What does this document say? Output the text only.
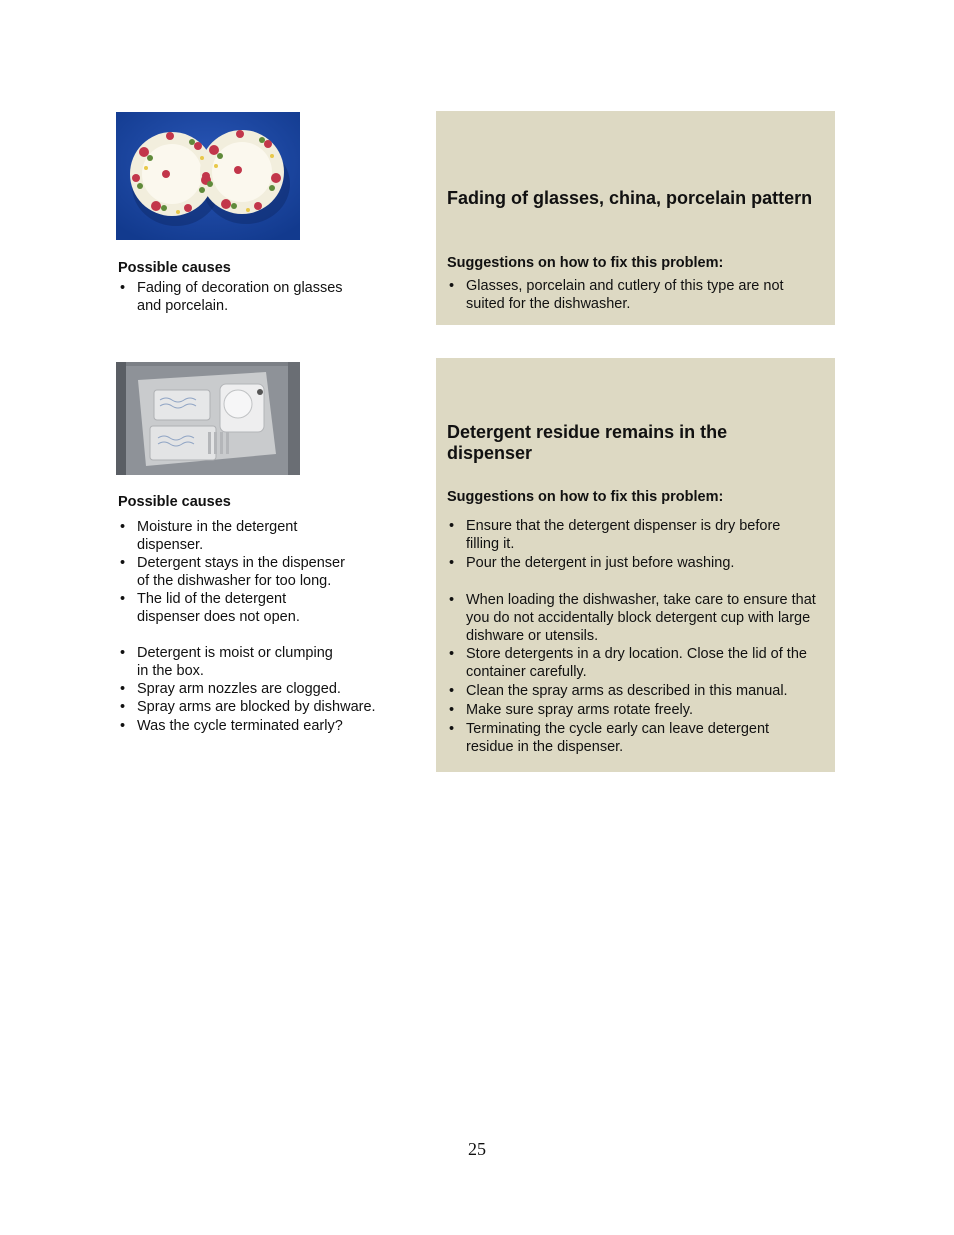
Possible causes
• Fading of decoration on glasses and porcelain.
Fading of glasses, china, porcelain pattern
Suggestions on how to fix this problem:
• Glasses, porcelain and cutlery of this type are not suited for the dishwasher.
Possible causes
• Moisture in the detergent dispenser.
• Detergent stays in the dispenser of the dishwasher for too long.
• The lid of the detergent dispenser does not open.
• Detergent is moist or clumping in the box.
• Spray arm nozzles are clogged.
• Spray arms are blocked by dishware.
• Was the cycle terminated early?
Detergent residue remains in the dispenser
Suggestions on how to fix this problem:
• Ensure that the detergent dispenser is dry before filling it.
• Pour the detergent in just before washing.
• When loading the dishwasher, take care to ensure that you do not accidentally block detergent cup with large dishware or utensils.
• Store detergents in a dry location. Close the lid of the container carefully.
• Clean the spray arms as described in this manual.
• Make sure spray arms rotate freely.
• Terminating the cycle early can leave detergent residue in the dispenser.
25
